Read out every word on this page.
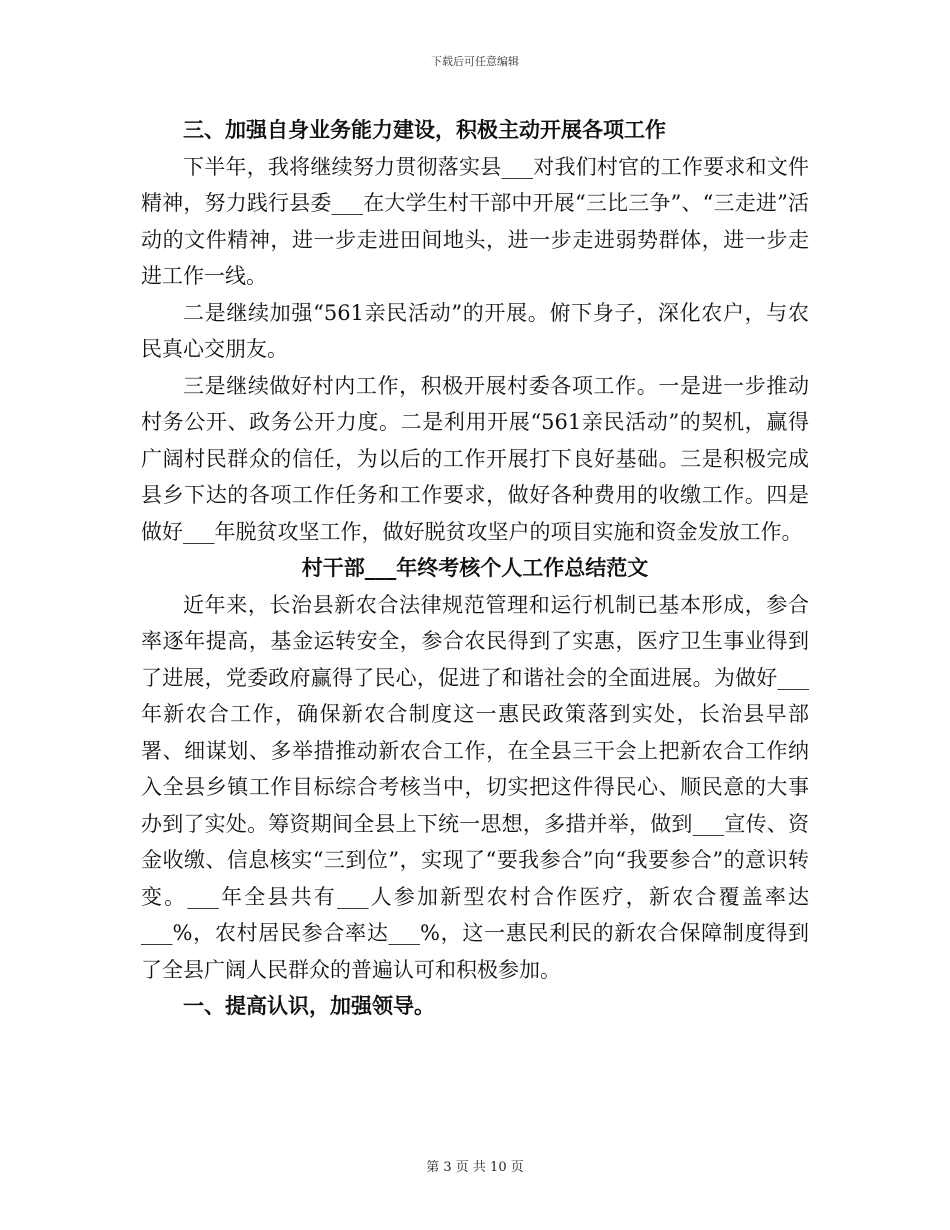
下载后可任意编辑

三、加强自身业务能力建设，积极主动开展各项工作

下半年，我将继续努力贯彻落实县___对我们村官的工作要求和文件精神，努力践行县委___在大学生村干部中开展“三比三争”、“三走进”活动的文件精神，进一步走进田间地头，进一步走进弱势群体，进一步走进工作一线。

二是继续加强“561亲民活动”的开展。俯下身子，深化农户，与农民真心交朋友。

三是继续做好村内工作，积极开展村委各项工作。一是进一步推动村务公开、政务公开力度。二是利用开展“561亲民活动”的契机，赢得广阔村民群众的信任，为以后的工作开展打下良好基础。三是积极完成县乡下达的各项工作任务和工作要求，做好各种费用的收缴工作。四是做好___年脱贫攻坚工作，做好脱贫攻坚户的项目实施和资金发放工作。

村干部___年终考核个人工作总结范文

近年来，长治县新农合法律规范管理和运行机制已基本形成，参合率逐年提高，基金运转安全，参合农民得到了实惠，医疗卫生事业得到了进展，党委政府赢得了民心，促进了和谐社会的全面进展。为做好___年新农合工作，确保新农合制度这一惠民政策落到实处，长治县早部署、细谋划、多举措推动新农合工作，在全县三干会上把新农合工作纳入全县乡镇工作目标综合考核当中，切实把这件得民心、顺民意的大事办到了实处。筹资期间全县上下统一思想，多措并举，做到___宣传、资金收缴、信息核实“三到位”，实现了“要我参合”向“我要参合”的意识转变。___年全县共有___人参加新型农村合作医疗，新农合覆盖率达___%，农村居民参合率达___%，这一惠民利民的新农合保障制度得到了全县广阔人民群众的普遍认可和积极参加。

一、提高认识，加强领导。

第 3 页 共 10 页
